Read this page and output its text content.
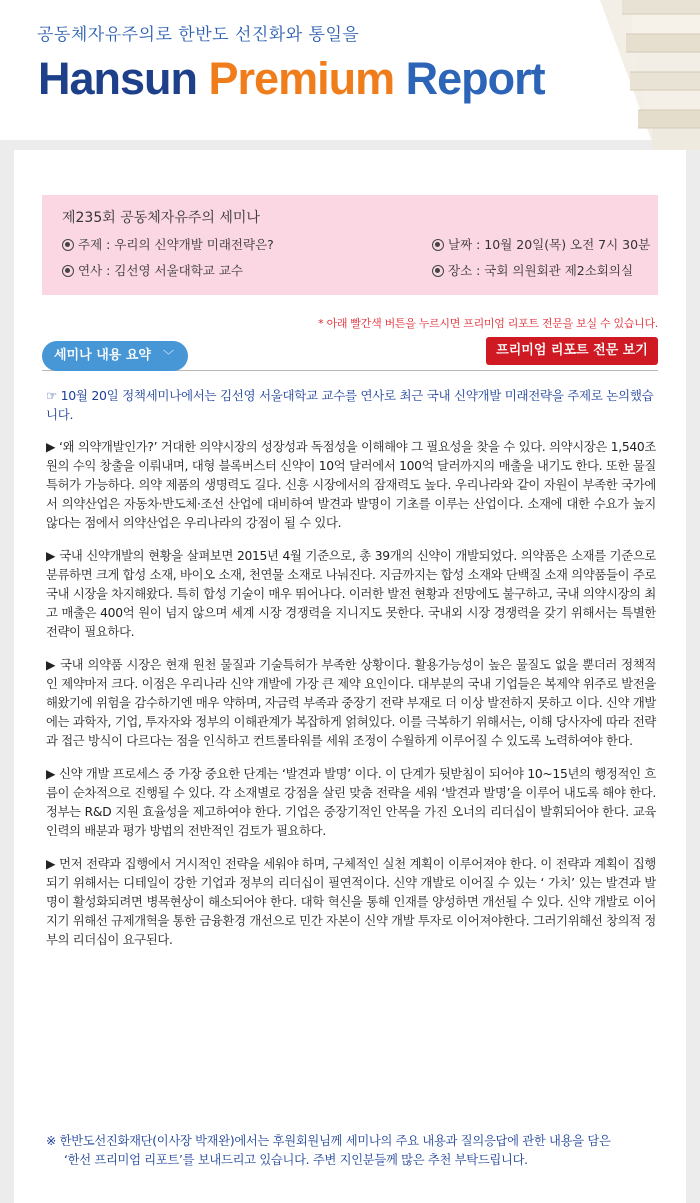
공동체자유주의로 한반도 선진화와 통일을
Hansun Premium Report
제235회 공동체자유주의 세미나
주제 : 우리의 신약개발 미래전략은?
연사 : 김선영 서울대학교 교수
날짜 : 10월 20일(목) 오전 7시 30분
장소 : 국회 의원회관 제2소회의실
* 아래 빨간색 버튼을 누르시면 프리미엄 리포트 전문을 보실 수 있습니다.
세미나 내용 요약 ﹀	프리미엄 리포트 전문 보기

☞ 10월 20일 정책세미나에서는 김선영 서울대학교 교수를 연사로 최근 국내 신약개발 미래전략을 주제로 논의했습니다.

▶ ‘왜 의약개발인가?’ 거대한 의약시장의 성장성과 독점성을 이해해야 그 필요성을 찾을 수 있다. 의약시장은 1,540조 원의 수익 창출을 이뤄내며, 대형 블록버스터 신약이 10억 달러에서 100억 달러까지의 매출을 내기도 한다. 또한 물질특허가 가능하다. 의약 제품의 생명력도 길다. 신흥 시장에서의 잠재력도 높다. 우리나라와 같이 자원이 부족한 국가에서 의약산업은 자동차·반도체·조선 산업에 대비하여 발견과 발명이 기초를 이루는 산업이다. 소재에 대한 수요가 높지 않다는 점에서 의약산업은 우리나라의 강점이 될 수 있다.

▶ 국내 신약개발의 현황을 살펴보면 2015년 4월 기준으로, 총 39개의 신약이 개발되었다. 의약품은 소재를 기준으로 분류하면 크게 합성 소재, 바이오 소재, 천연물 소재로 나눠진다. 지금까지는 합성 소재와 단백질 소재 의약품들이 주로 국내 시장을 차지해왔다. 특히 합성 기술이 매우 뛰어나다. 이러한 발전 현황과 전망에도 불구하고, 국내 의약시장의 최고 매출은 400억 원이 넘지 않으며 세계 시장 경쟁력을 지니지도 못한다. 국내외 시장 경쟁력을 갖기 위해서는 특별한 전략이 필요하다.

▶ 국내 의약품 시장은 현재 원천 물질과 기술특허가 부족한 상황이다. 활용가능성이 높은 물질도 없을 뿐더러 정책적인 제약마저 크다. 이점은 우리나라 신약 개발에 가장 큰 제약 요인이다. 대부분의 국내 기업들은 복제약 위주로 발전을 해왔기에 위험을 감수하기엔 매우 약하며, 자금력 부족과 중장기 전략 부재로 더 이상 발전하지 못하고 이다. 신약 개발에는 과학자, 기업, 투자자와 정부의 이해관계가 복잡하게 얽혀있다. 이를 극복하기 위해서는, 이해 당사자에 따라 전략과 접근 방식이 다르다는 점을 인식하고 컨트롤타워를 세워 조정이 수월하게 이루어질 수 있도록 노력하여야 한다.

▶ 신약 개발 프로세스 중 가장 중요한 단계는 ‘발견과 발명’ 이다. 이 단계가 뒷받침이 되어야 10~15년의 행정적인 흐름이 순차적으로 진행될 수 있다. 각 소재별로 강점을 살린 맞춤 전략을 세워 ‘발견과 발명’을 이루어 내도록 해야 한다. 정부는 R&D 지원 효율성을 제고하여야 한다. 기업은 중장기적인 안목을 가진 오너의 리더십이 발휘되어야 한다. 교육 인력의 배분과 평가 방법의 전반적인 검토가 필요하다.

▶ 먼저 전략과 집행에서 거시적인 전략을 세워야 하며, 구체적인 실천 계획이 이루어져야 한다. 이 전략과 계획이 집행되기 위해서는 디테일이 강한 기업과 정부의 리더십이 필연적이다. 신약 개발로 이어질 수 있는 ‘ 가치’ 있는 발견과 발명이 활성화되려면 병목현상이 해소되어야 한다. 대학 혁신을 통해 인재를 양성하면 개선될 수 있다. 신약 개발로 이어지기 위해선 규제개혁을 통한 금융환경 개선으로 민간 자본이 신약 개발 투자로 이어져야한다. 그러기위해선 창의적 정부의 리더십이 요구된다.

※ 한반도선진화재단(이사장 박재완)에서는 후원회원님께 세미나의 주요 내용과 질의응답에 관한 내용을 담은
‘한선 프리미엄 리포트’를 보내드리고 있습니다. 주변 지인분들께 많은 추천 부탁드립니다.
